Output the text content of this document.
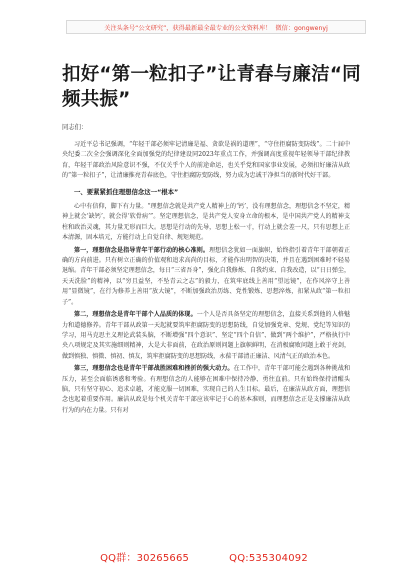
关注头条号“公文研究”，获得最新最全最专业的公文资料库！ 微信：gongwenyj
扣好“第一粒扣子”让青春与廉洁“同频共振”
同志们：

习近平总书记强调，“年轻干部必须牢记清廉是福、贪欲是祸的道理”，“守住拒腐防变防线”。二十届中央纪委二次全会强调深化全面加强党的纪律建设同2023年重点工作，并强调高度重视年轻领导干部纪律教育，年轻干部政治风险意识不强，不仅关乎个人的前途命运，也关乎党和国家事业发展，必须扣好廉洁从政的“第一粒扣子”，让清廉推亮青春底色，守住拒腐防变防线，努力成为忠诚干净担当的新时代好干部。

一、要紧紧抓住理想信念这一“根本”

心中有信仰，脚下有力量。“理想信念就是共产党人精神上的‘钙’，没有理想信念，理想信念不坚定，精神上就会‘缺钙’，就会得‘软骨病’”。坚定理想信念，是共产党人安身立命的根本，是中国共产党人的精神支柱和政治灵魂，其力量无形而巨大。思想是行动的先导，思想上松一寸，行动上就会差一尺，只有思想上正本清源，固本培元，方能行动上自觉自律、规矩规范。

第一，理想信念是指导青年干部行动的核心准则。理想信念犹如一面旗帜，始终指引着青年干部朝着正确的方向前进。只有树立正确的价值观和追求高尚的目标，才能作出明智的决策，并且在遇到困难时不轻易退缩。青年干部必须坚定理想信念，每日“三省吾身”，强化自我修炼、自我约束、自我改造，以“日日弹尘，天天洗脸”的精神，以“穷且益坚，不坠青云之志”的毅力，在筑牢底线上善用“望远镜”，在作风淬守上善用“显微镜”，在行为修养上善用“放大镜”，不断加强政治历练、党性锻炼、思想淬炼，扣紧从政“第一粒扣子”。

第二，理想信念是青年干部个人品质的体现。一个人是否具备坚定的理想信念，直接关系到他的人格魅力和道德修养。青年干部从政第一天起就要筑牢拒腐防变的思想防线，自觉加强党章、党规、党纪等知识的学习，用马克思主义理论武装头脑，不断增强“四个意识”、坚定“四个自信”、做到“两个维护”，严格执行中央八项规定及其实施细则精神，大是大非面前，在政治原则问题上旗帜鲜明，在消极腐败问题上敢于亮剑，做到慎独、慎微、慎初、慎友，筑牢拒腐防变的思想防线，永葆干部清正廉洁、风清气正的政治本色。

第三，理想信念也是青年干部战胜困难和挫折的强大动力。在工作中，青年干部可能会遇到各种挑战和压力，甚至会面临诱惑和考验。有理想信念的人能够在困难中保持冷静、勇往直前。只有始终保持清醒头脑，只有坚守初心、追求卓越，才能克服一切困难，实现自己的人生目标。最后，在廉洁从政方面，理想信念也起着重要作用。廉洁从政是每个机关青年干部应该牢记于心的基本准则，而理想信念正是支撑廉洁从政行为的内在力量。只有对

QQ群：30265665	QQ:535304092
